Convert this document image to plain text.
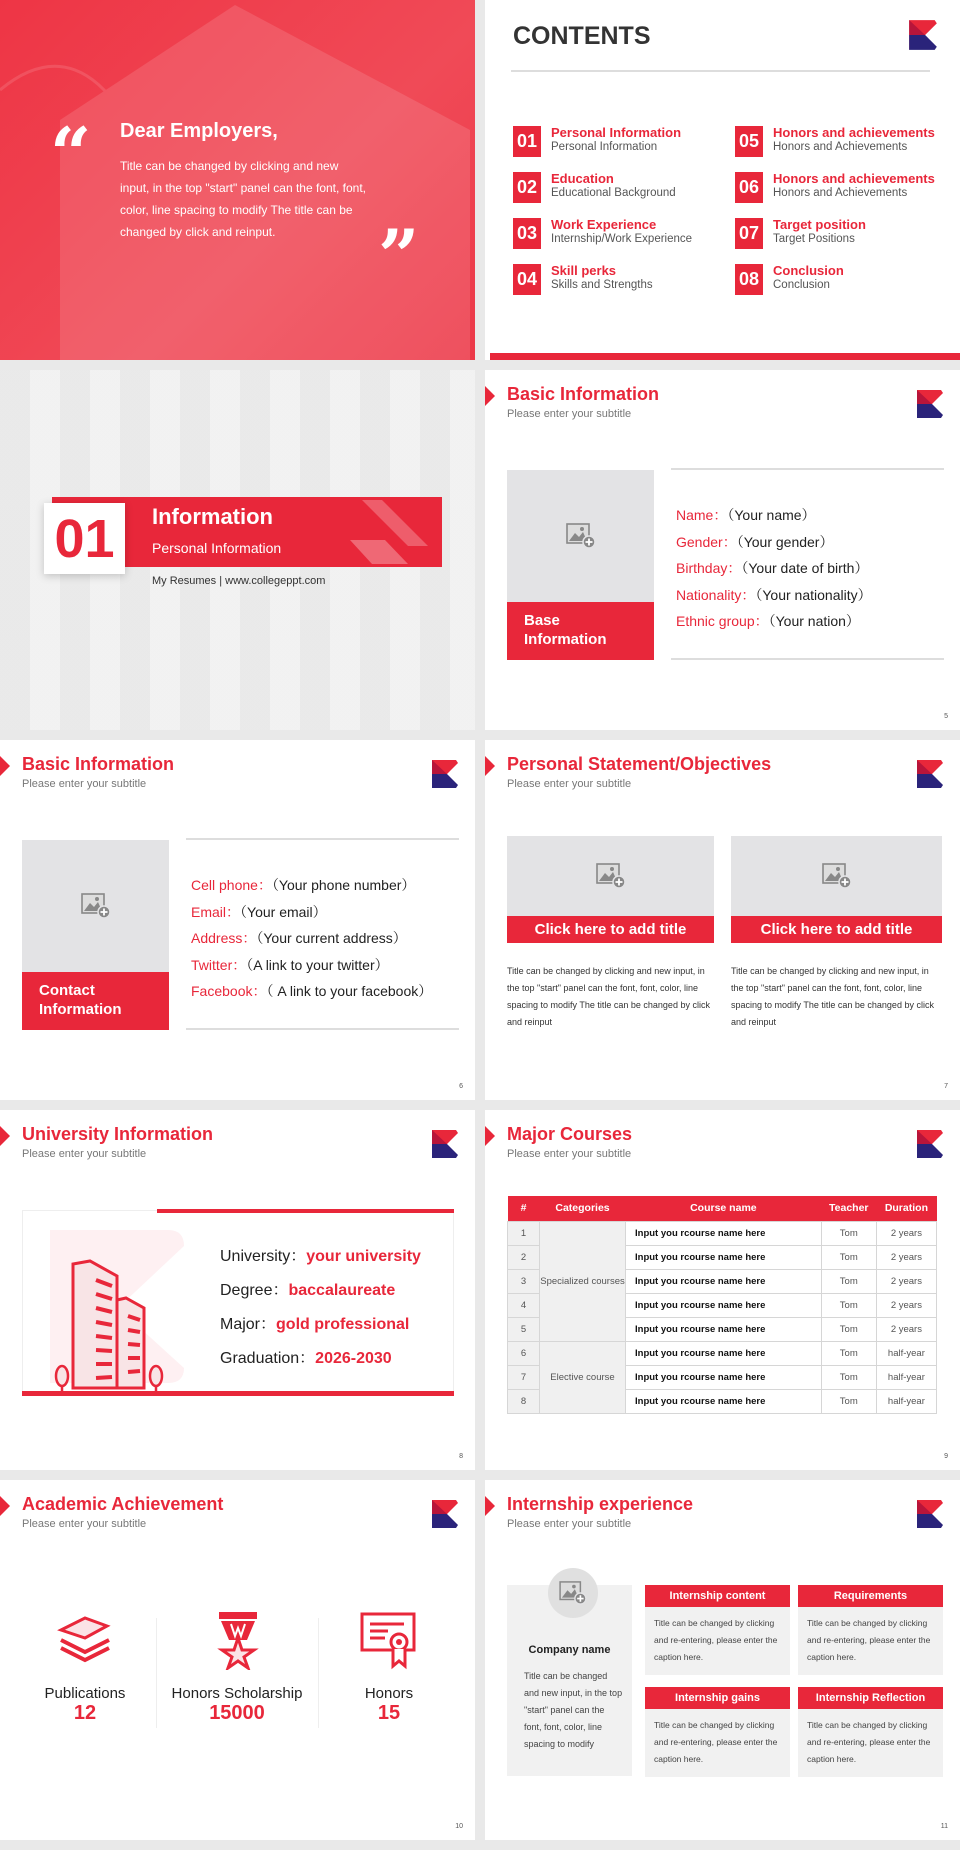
“ Dear Employers,

Title can be changed by clicking and new input, in the top "start" panel can the font, font, color, line spacing to modify The title can be changed by click and reinput.	”
CONTENTS
01	Personal Information
Personal Information
02	Education
Educational Background
03	Work Experience
Internship/Work Experience
04	Skill perks
Skills and Strengths
05	Honors and achievements
Honors and Achievements
06	Honors and achievements
Honors and Achievements
07	Target position
Target Positions
08	Conclusion
Conclusion
01	Information
Personal Information
My Resumes | www.collegeppt.com
Basic Information
Please enter your subtitle
Base Information
Name：（Your name）
Gender：（Your gender）
Birthday：（Your date of birth）
Nationality：（Your nationality）
Ethnic group：（Your nation）
5
Basic Information
Please enter your subtitle
Contact Information
Cell phone：（Your phone number）
Email：（Your email）
Address：（Your current address）
Twitter：（A link to your twitter）
Facebook：（ A link to your facebook）
6
Personal Statement/Objectives
Please enter your subtitle
Click here to add title

Title can be changed by clicking and new input, in the top "start" panel can the font, font, color, line spacing to modify The title can be changed by click and reinput

Click here to add title

Title can be changed by clicking and new input, in the top "start" panel can the font, font, color, line spacing to modify The title can be changed by click and reinput

7
University Information
Please enter your subtitle
University：your university
Degree：baccalaureate
Major：gold professional
Graduation：2026-2030
8
Major Courses
Please enter your subtitle
#	Categories	Course name	Teacher	Duration
1	Specialized courses	Input you rcourse name here	Tom	2 years
2		Input you rcourse name here	Tom	2 years
3		Input you rcourse name here	Tom	2 years
4		Input you rcourse name here	Tom	2 years
5		Input you rcourse name here	Tom	2 years
6	Elective course	Input you rcourse name here	Tom	half-year
7		Input you rcourse name here	Tom	half-year
8		Input you rcourse name here	Tom	half-year
9
Academic Achievement
Please enter your subtitle
Publications
12
Honors Scholarship
15000
Honors
15
10
Internship experience
Please enter your subtitle
Company name
Title can be changed and new input, in the top "start" panel can the font, font, color, line spacing to modify
Internship content

Title can be changed by clicking and re-entering, please enter the caption here.

Requirements

Title can be changed by clicking and re-entering, please enter the caption here.

Internship gains

Title can be changed by clicking and re-entering, please enter the caption here.

Internship Reflection

Title can be changed by clicking and re-entering, please enter the caption here.

11
